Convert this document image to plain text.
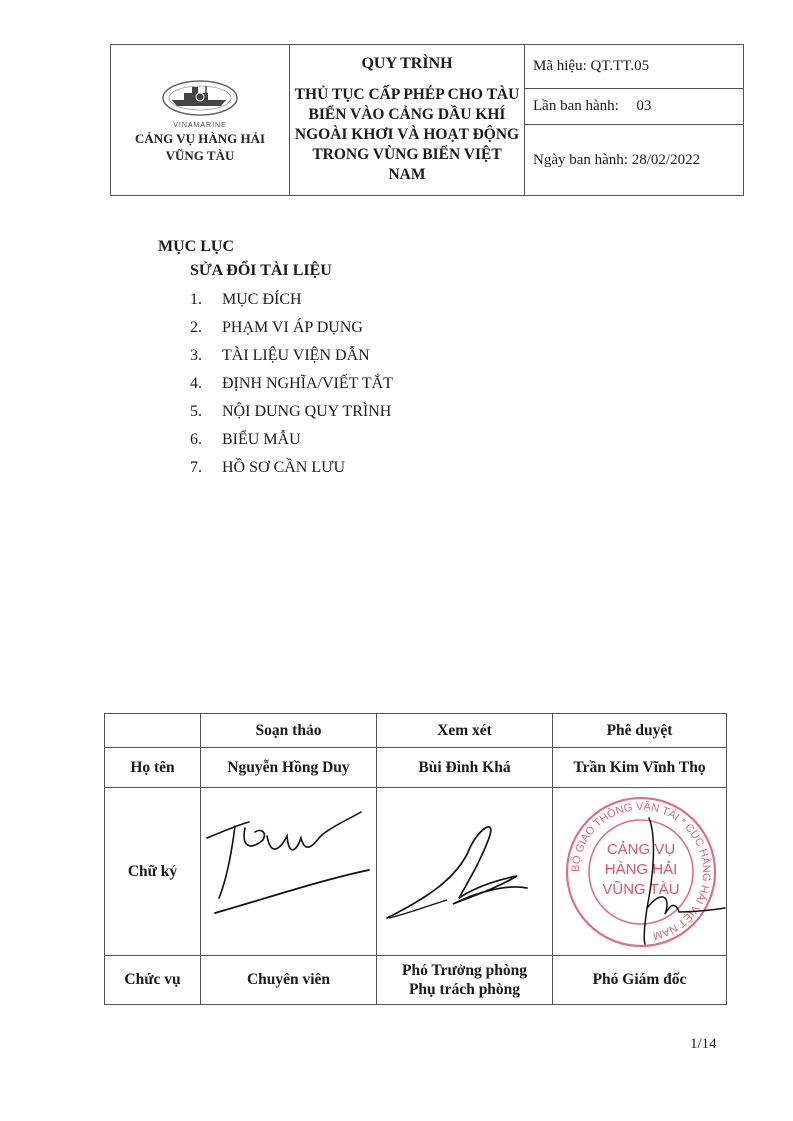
VINAMARINE
CẢNG VỤ HÀNG HẢI
VŨNG TÀU

QUY TRÌNH
THỦ TỤC CẤP PHÉP CHO TÀU BIỂN VÀO CẢNG DẦU KHÍ NGOÀI KHƠI VÀ HOẠT ĐỘNG TRONG VÙNG BIỂN VIỆT NAM
	Mã hiệu: QT.TT.05
Lần ban hành: 03
Ngày ban hành: 28/02/2022
MỤC LỤC
SỬA ĐỔI TÀI LIỆU
1.	MỤC ĐÍCH
2.	PHẠM VI ÁP DỤNG
3.	TÀI LIỆU VIỆN DẪN
4.	ĐỊNH NGHĨA/VIẾT TẮT
5.	NỘI DUNG QUY TRÌNH
6.	BIỂU MẪU
7.	HỒ SƠ CẦN LƯU
	Soạn thảo	Xem xét	Phê duyệt
Họ tên	Nguyễn Hồng Duy	Bùi Đình Khá	Trần Kim Vĩnh Thọ
Chữ ký			BỘ GIAO THÔNG VẬN TẢI * CỤC HÀNG HẢI VIỆT NAM
CẢNG VỤ
HÀNG HẢI
VŨNG TÀU

Chức vụ	Chuyên viên	Phó Trưởng phòng Phụ trách phòng	Phó Giám đốc
1/14
